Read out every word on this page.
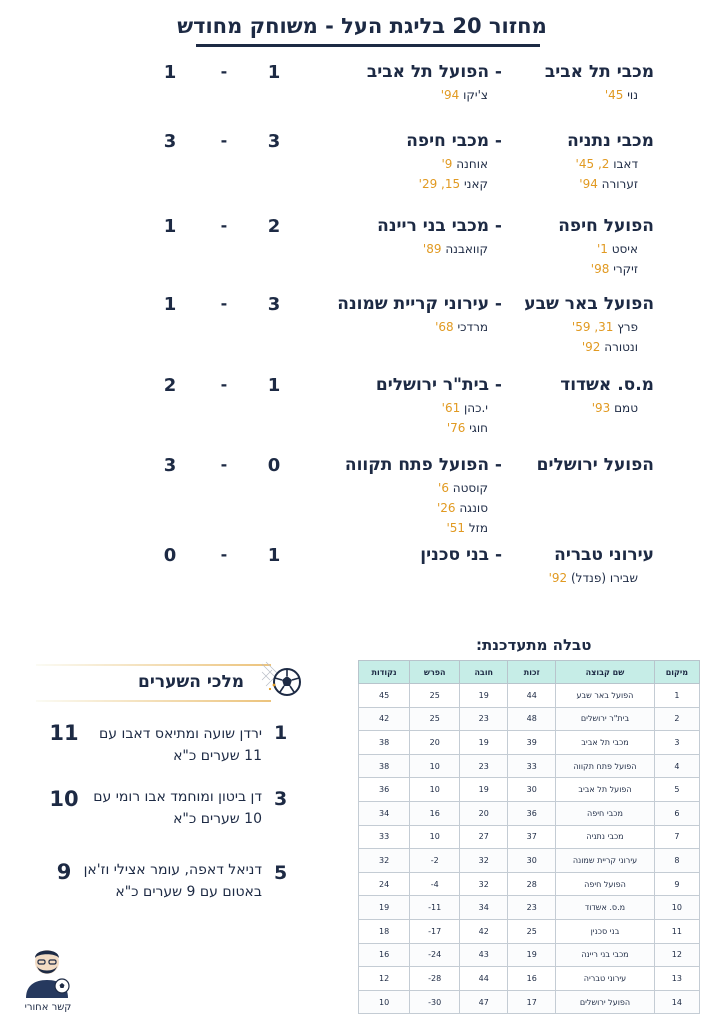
מחזור 20 בליגת העל - משוחק מחודש
מכבי תל אביב
- הפועל תל אביב
1
-
1
נוי 45'
צ'יקו 94'
מכבי נתניה
- מכבי חיפה
3
-
3
דאבו 2, 45'
זערורה 94'
אוחנה 9'
קאני 15, 29'
הפועל חיפה
- מכבי בני ריינה
2
-
1
איסט 1'
זיקרי 98'
קוואבנה 89'
הפועל באר שבע
- עירוני קריית שמונה
3
-
1
פרץ 31, 59'
ונטורה 92'
מרדכי 68'
מ.ס. אשדוד
- בית"ר ירושלים
1
-
2
טמם 93'
י.כהן 61'
חוגי 76'
הפועל ירושלים
- הפועל פתח תקווה
0
-
3
קוסטה 6'
סונגה 26'
מזל 51'
עירוני טבריה
- בני סכנין
1
-
0
שבירו (פנדל) 92'
מלכי השערים
1
ירדן שועה ומתיאס דאבו עם 11 שערים כ"א
11
3
דן ביטון ומוחמד אבו רומי עם 10 שערים כ"א
10
5
דניאל דאפה, עומר אצילי וז'אן באטום עם 9 שערים כ"א
9
קשר אחורי
טבלה מתעדכנת:
מיקום	שם קבוצה	זכות	חובה	הפרש	נקודות
1	הפועל באר שבע	44	19	25	45
2	בית"ר ירושלים	48	23	25	42
3	מכבי תל אביב	39	19	20	38
4	הפועל פתח תקווה	33	23	10	38
5	הפועל תל אביב	30	19	10	36
6	מכבי חיפה	36	20	16	34
7	מכבי נתניה	37	27	10	33
8	עירוני קריית שמונה	30	32	-2	32
9	הפועל חיפה	28	32	-4	24
10	מ.ס. אשדוד	23	34	-11	19
11	בני סכנין	25	42	-17	18
12	מכבי בני ריינה	19	43	-24	16
13	עירוני טבריה	16	44	-28	12
14	הפועל ירושלים	17	47	-30	10
